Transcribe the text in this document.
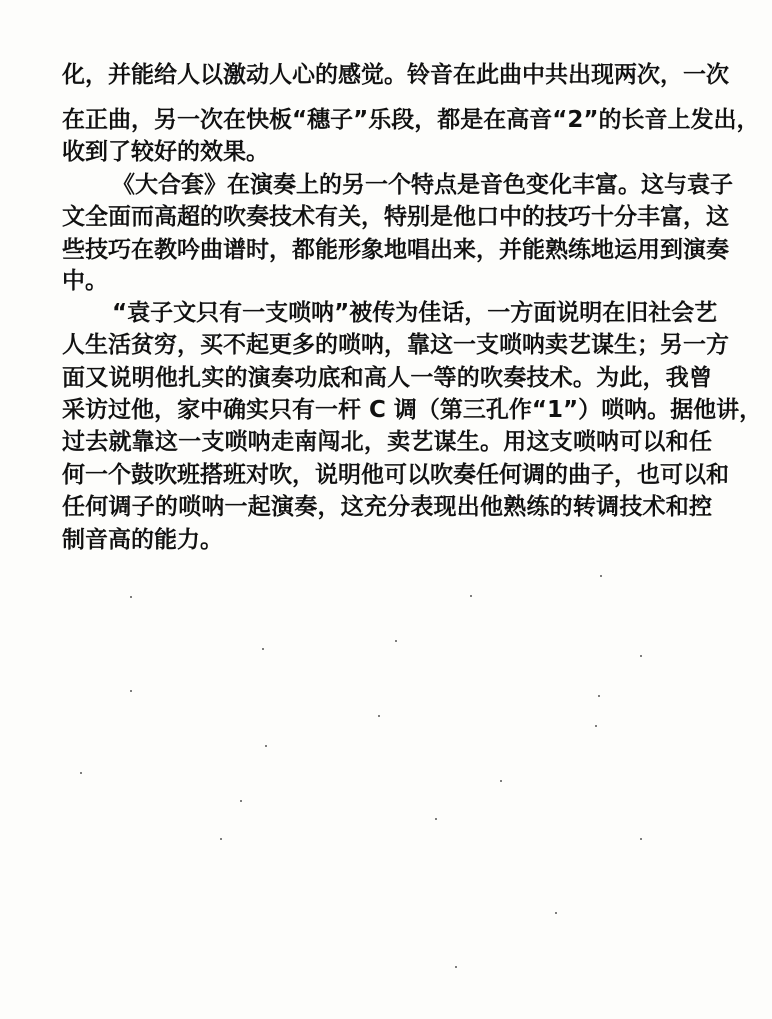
化，并能给人以激动人心的感觉。铃音在此曲中共出现两次，一次
在正曲，另一次在快板“穗子”乐段，都是在高音“2”的长音上发出，
收到了较好的效果。
《大合套》在演奏上的另一个特点是音色变化丰富。这与袁子
文全面而高超的吹奏技术有关，特别是他口中的技巧十分丰富，这
些技巧在教吟曲谱时，都能形象地唱出来，并能熟练地运用到演奏
中。
“袁子文只有一支唢呐”被传为佳话，一方面说明在旧社会艺
人生活贫穷，买不起更多的唢呐，靠这一支唢呐卖艺谋生；另一方
面又说明他扎实的演奏功底和高人一等的吹奏技术。为此，我曾
采访过他，家中确实只有一杆 C 调（第三孔作“1”）唢呐。据他讲，
过去就靠这一支唢呐走南闯北，卖艺谋生。用这支唢呐可以和任
何一个鼓吹班搭班对吹，说明他可以吹奏任何调的曲子，也可以和
任何调子的唢呐一起演奏，这充分表现出他熟练的转调技术和控
制音高的能力。
